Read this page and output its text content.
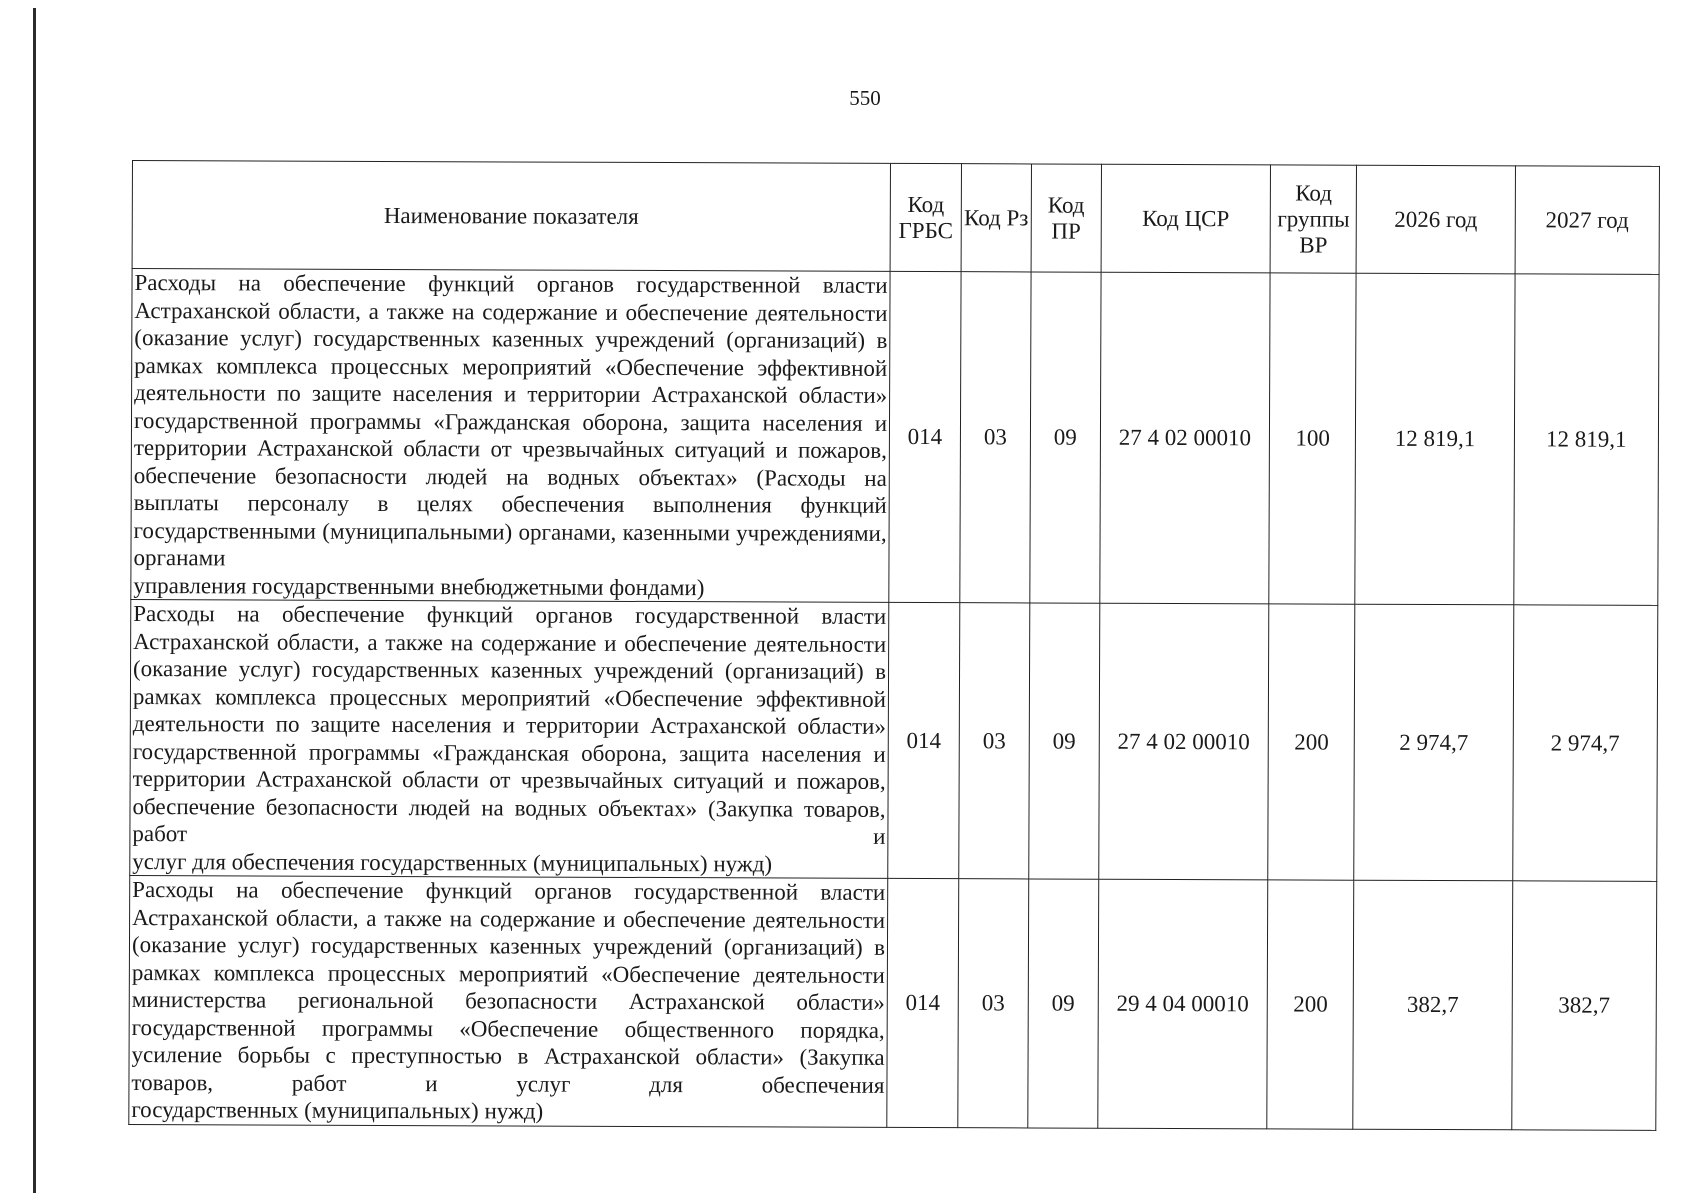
550
Наименование показателя	Код ГРБС	Код Рз	Код ПР	Код ЦСР	Код группы ВР	2026 год	2027 год
Расходы на обеспечение функций органов государственной власти Астраханской области, а также на содержание и обеспечение деятельности (оказание услуг) государственных казенных учреждений (организаций) в рамках комплекса процессных мероприятий «Обеспечение эффективной деятельности по защите населения и территории Астраханской области» государственной программы «Гражданская оборона, защита населения и территории Астраханской области от чрезвычайных ситуаций и пожаров, обеспечение безопасности людей на водных объектах» (Расходы на выплаты персоналу в целях обеспечения выполнения функций государственными (муниципальными) органами, казенными учреждениями, органами
управления государственными внебюджетными фондами)	014	03	09	27 4 02 00010	100	12 819,1	12 819,1
Расходы на обеспечение функций органов государственной власти Астраханской области, а также на содержание и обеспечение деятельности (оказание услуг) государственных казенных учреждений (организаций) в рамках комплекса процессных мероприятий «Обеспечение эффективной деятельности по защите населения и территории Астраханской области» государственной программы «Гражданская оборона, защита населения и территории Астраханской области от чрезвычайных ситуаций и пожаров, обеспечение безопасности людей на водных объектах» (Закупка товаров, работ и
услуг для обеспечения государственных (муниципальных) нужд)	014	03	09	27 4 02 00010	200	2 974,7	2 974,7
Расходы на обеспечение функций органов государственной власти Астраханской области, а также на содержание и обеспечение деятельности (оказание услуг) государственных казенных учреждений (организаций) в рамках комплекса процессных мероприятий «Обеспечение деятельности министерства региональной безопасности Астраханской области» государственной программы «Обеспечение общественного порядка, усиление борьбы с преступностью в Астраханской области» (Закупка товаров, работ и услуг для обеспечения
государственных (муниципальных) нужд)	014	03	09	29 4 04 00010	200	382,7	382,7
